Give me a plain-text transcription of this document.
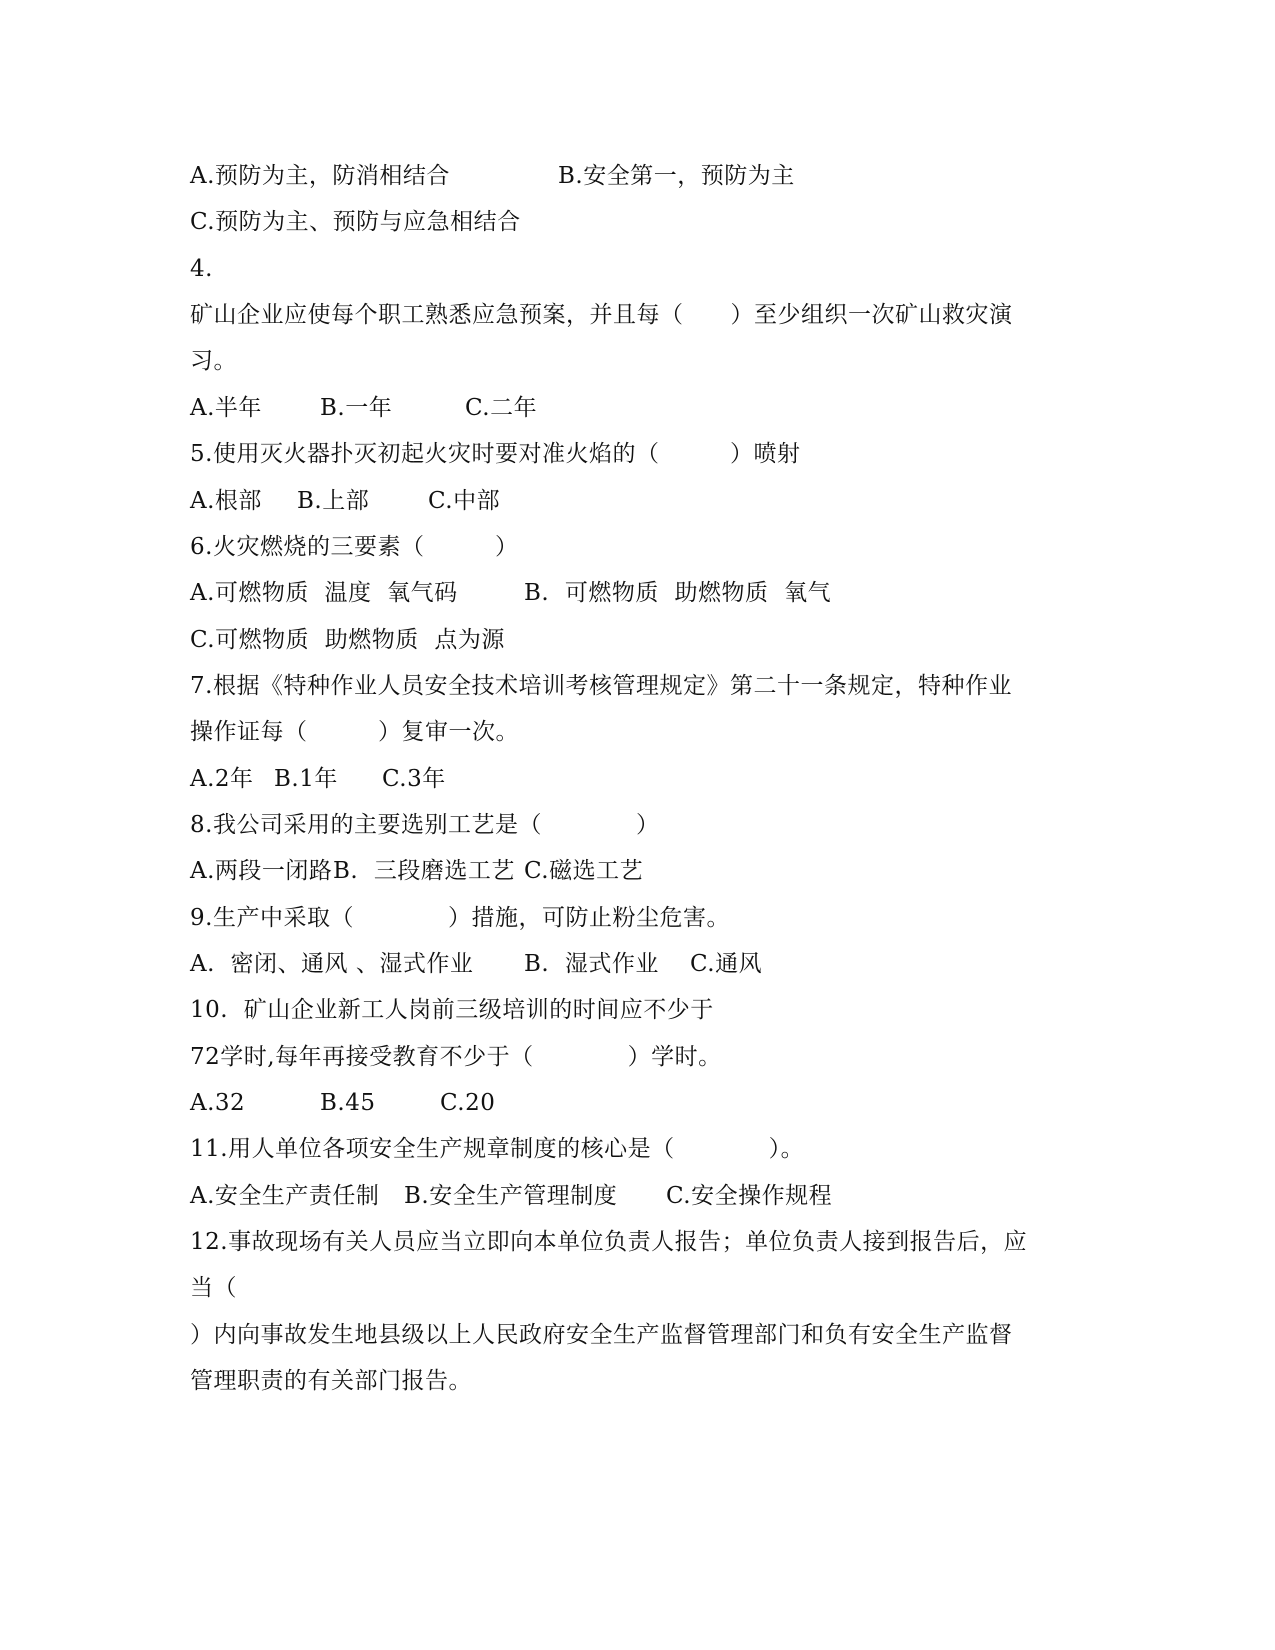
A.预防为主，防消相结合

	B.安全第一，预防为主

C.预防为主、预防与应急相结合
4.
矿山企业应使每个职工熟悉应急预案，并且每（　　）至少组织一次矿山救灾演
习。

A.半年

	B.一年

	C.二年

5.使用灭火器扑灭初起火灾时要对准火焰的（　　　）喷射

A.根部

B.上部

	C.中部

6.火灾燃烧的三要素（　　　）

A.可燃物质  温度  氧气码

	B.  可燃物质  助燃物质  氧气

C.可燃物质  助燃物质  点为源
7.根据《特种作业人员安全技术培训考核管理规定》第二十一条规定，特种作业
操作证每（　　　）复审一次。

A.2年

B.1年

C.3年

8.我公司采用的主要选别工艺是（　　　　）

A.两段一闭路

B.  三段磨选工艺

C.磁选工艺

9.生产中采取（　　　　）措施，可防止粉尘危害。

A.  密闭、通风 、湿式作业

B.  湿式作业

C.通风

10.  矿山企业新工人岗前三级培训的时间应不少于
72学时,每年再接受教育不少于（　　　　）学时。

A.32

	B.45

	C.20

11.用人单位各项安全生产规章制度的核心是（　　　　）。

A.安全生产责任制

B.安全生产管理制度

C.安全操作规程

12.事故现场有关人员应当立即向本单位负责人报告；单位负责人接到报告后，应
当（
）内向事故发生地县级以上人民政府安全生产监督管理部门和负有安全生产监督
管理职责的有关部门报告。
